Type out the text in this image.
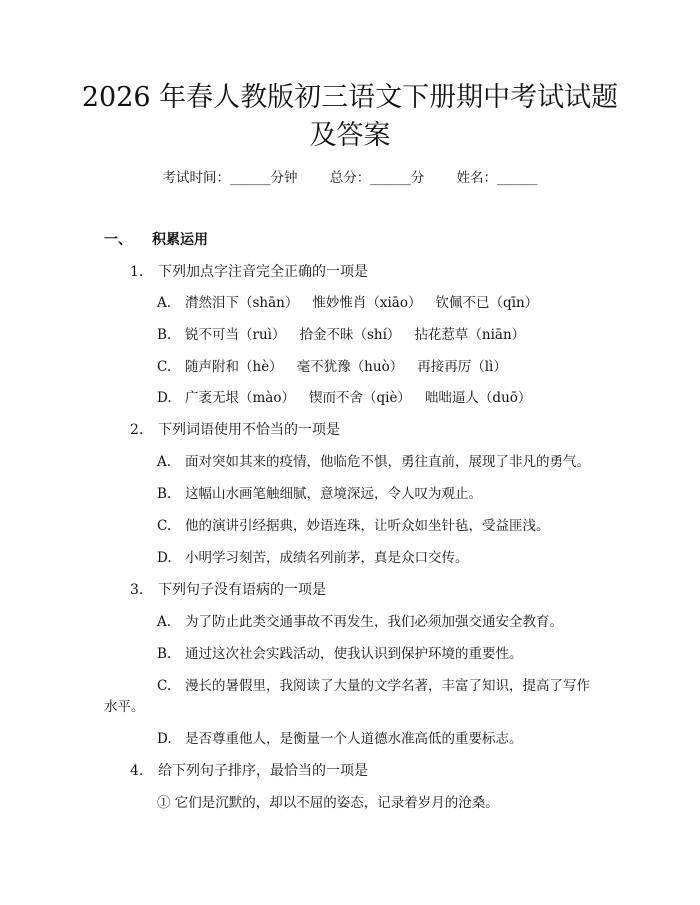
2026 年春人教版初三语文下册期中考试试题
及答案
考试时间：______分钟 总分：______分 姓名：______
一、 积累运用
1. 下列加点字注音完全正确的一项是
A. 潸然泪下（shān） 惟妙惟肖（xiāo） 钦佩不已（qīn）
B. 锐不可当（ruì） 拾金不昧（shí） 拈花惹草（niān）
C. 随声附和（hè） 毫不犹豫（huò） 再接再厉（lì）
D. 广袤无垠（mào） 锲而不舍（qiè） 咄咄逼人（duō）
2. 下列词语使用不恰当的一项是
A. 面对突如其来的疫情，他临危不惧，勇往直前，展现了非凡的勇气。
B. 这幅山水画笔触细腻，意境深远，令人叹为观止。
C. 他的演讲引经据典，妙语连珠，让听众如坐针毡，受益匪浅。
D. 小明学习刻苦，成绩名列前茅，真是众口交传。
3. 下列句子没有语病的一项是
A. 为了防止此类交通事故不再发生，我们必须加强交通安全教育。
B. 通过这次社会实践活动，使我认识到保护环境的重要性。
C. 漫长的暑假里，我阅读了大量的文学名著，丰富了知识，提高了写作
水平。
D. 是否尊重他人，是衡量一个人道德水准高低的重要标志。
4. 给下列句子排序，最恰当的一项是
① 它们是沉默的，却以不屈的姿态，记录着岁月的沧桑。
